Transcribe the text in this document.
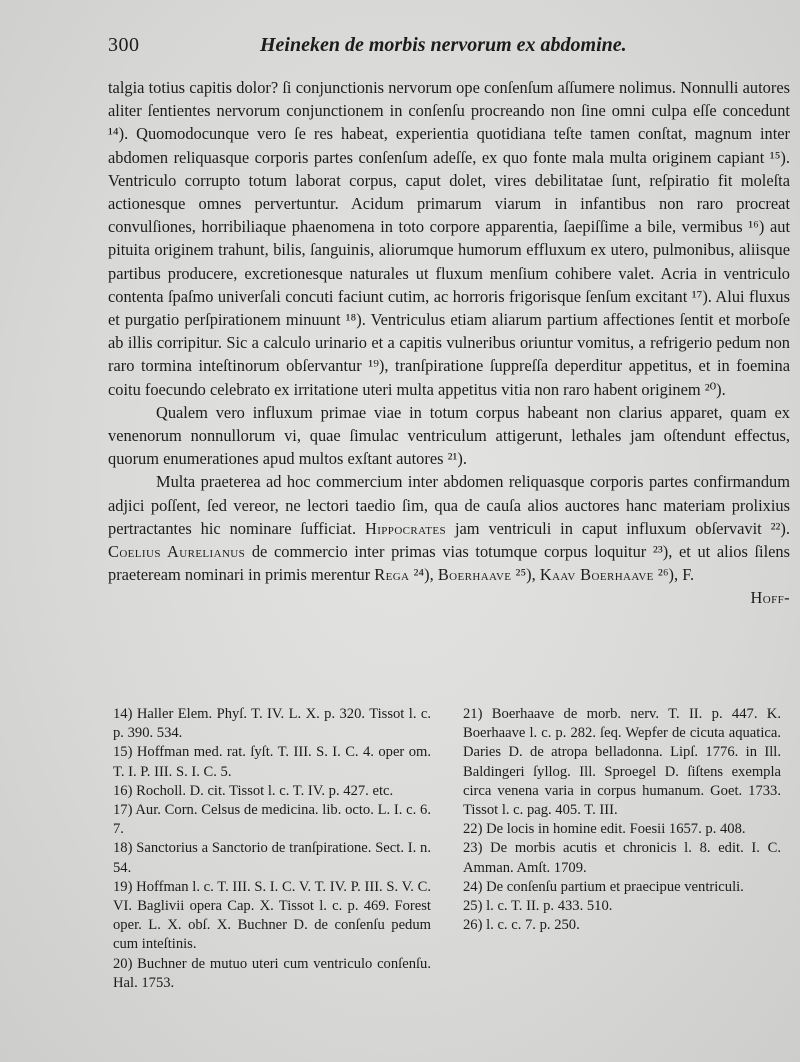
300	Heineken de morbis nervorum ex abdomine.

talgia totius capitis dolor? ſi conjunctionis nervorum ope conſenſum aſſumere nolimus. Nonnulli autores aliter ſentientes nervorum conjunctionem in conſenſu procreando non ſine omni culpa eſſe concedunt ¹⁴). Quomodocunque vero ſe res habeat, experientia quotidiana teſte tamen conſtat, magnum inter abdomen reliquasque corporis partes conſenſum adeſſe, ex quo fonte mala multa originem capiant ¹⁵). Ventriculo corrupto totum laborat corpus, caput dolet, vires debilitatae ſunt, reſpiratio fit moleſta actionesque omnes pervertuntur. Acidum primarum viarum in infantibus non raro procreat convulſiones, horribiliaque phaenomena in toto corpore apparentia, ſaepiſſime a bile, vermibus ¹⁶) aut pituita originem trahunt, bilis, ſanguinis, aliorumque humorum effluxum ex utero, pulmonibus, aliisque partibus producere, excretionesque naturales ut fluxum menſium cohibere valet. Acria in ventriculo contenta ſpaſmo univerſali concuti faciunt cutim, ac horroris frigorisque ſenſum excitant ¹⁷). Alui fluxus et purgatio perſpirationem minuunt ¹⁸). Ventriculus etiam aliarum partium affectiones ſentit et morboſe ab illis corripitur. Sic a calculo urinario et a capitis vulneribus oriuntur vomitus, a refrigerio pedum non raro tormina inteſtinorum obſervantur ¹⁹), tranſpiratione ſuppreſſa deperditur appetitus, et in foemina coitu foecundo celebrato ex irritatione uteri multa appetitus vitia non raro habent originem ²⁰).

Qualem vero influxum primae viae in totum corpus habeant non clarius apparet, quam ex venenorum nonnullorum vi, quae ſimulac ventriculum attigerunt, lethales jam oſtendunt effectus, quorum enumerationes apud multos exſtant autores ²¹).

Multa praeterea ad hoc commercium inter abdomen reliquasque corporis partes confirmandum adjici poſſent, ſed vereor, ne lectori taedio ſim, qua de cauſa alios auctores hanc materiam prolixius pertractantes hic nominare ſufficiat. Hippocrates jam ventriculi in caput influxum obſervavit ²²). Coelius Aurelianus de commercio inter primas vias totumque corpus loquitur ²³), et ut alios ſilens praeteream nominari in primis merentur Rega ²⁴), Boerhaave ²⁵), Kaav Boerhaave ²⁶), F.

Hoff-

14) Haller Elem. Phyſ. T. IV. L. X. p. 320. Tissot l. c. p. 390. 534.

15) Hoffman med. rat. ſyſt. T. III. S. I. C. 4. oper om. T. I. P. III. S. I. C. 5.

16) Rocholl. D. cit. Tissot l. c. T. IV. p. 427. etc.

17) Aur. Corn. Celsus de medicina. lib. octo. L. I. c. 6. 7.

18) Sanctorius a Sanctorio de tranſpiratione. Sect. I. n. 54.

19) Hoffman l. c. T. III. S. I. C. V. T. IV. P. III. S. V. C. VI. Baglivii opera Cap. X. Tissot l. c. p. 469. Forest oper. L. X. obſ. X. Buchner D. de conſenſu pedum cum inteſtinis.

20) Buchner de mutuo uteri cum ventriculo conſenſu. Hal. 1753.

21) Boerhaave de morb. nerv. T. II. p. 447. K. Boerhaave l. c. p. 282. ſeq. Wepfer de cicuta aquatica. Daries D. de atropa belladonna. Lipſ. 1776. in Ill. Baldingeri ſyllog. Ill. Sproegel D. ſiſtens exempla circa venena varia in corpus humanum. Goet. 1733. Tissot l. c. pag. 405. T. III.

22) De locis in homine edit. Foesii 1657. p. 408.

23) De morbis acutis et chronicis l. 8. edit. I. C. Amman. Amſt. 1709.

24) De conſenſu partium et praecipue ventriculi.

25) l. c. T. II. p. 433. 510.

26) l. c. c. 7. p. 250.
